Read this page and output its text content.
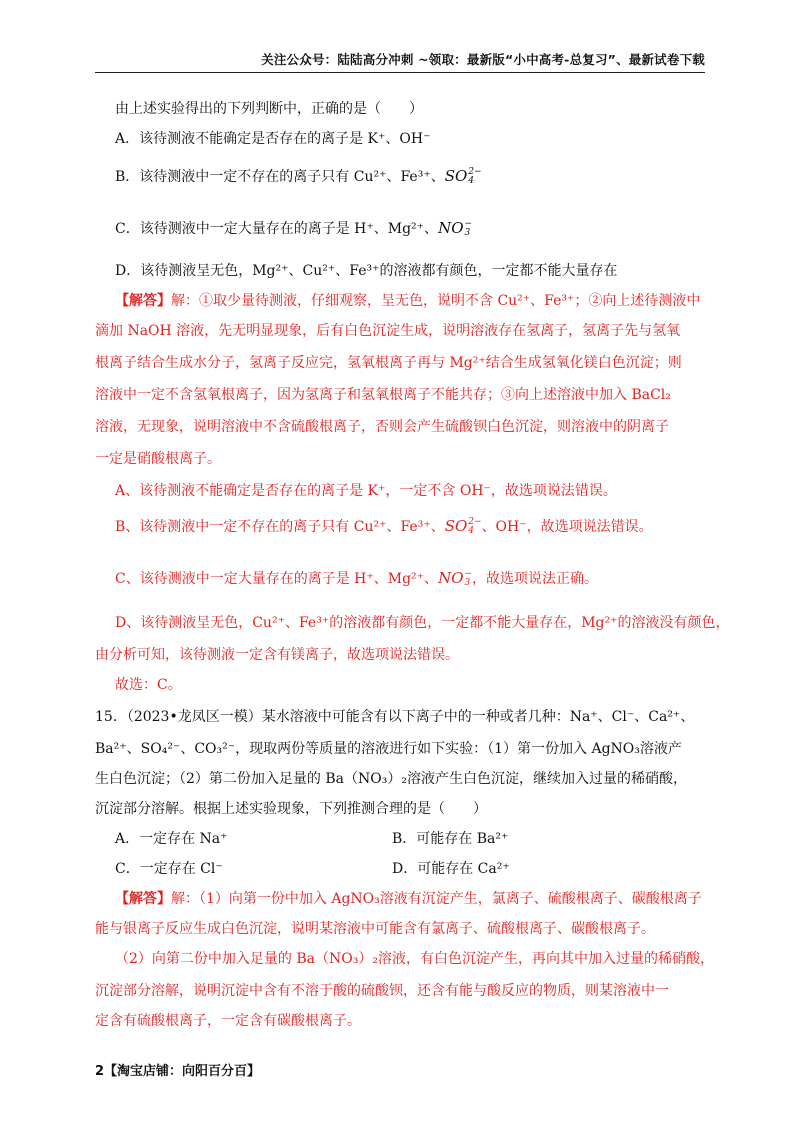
关注公众号：陆陆高分冲刺 ~领取：最新版“小中高考-总复习”、最新试卷下载
由上述实验得出的下列判断中，正确的是（　　）
A．该待测液不能确定是否存在的离子是 K⁺、OH⁻
B．该待测液中一定不存在的离子只有 Cu²⁺、Fe³⁺、SO 2−
4
C．该待测液中一定大量存在的离子是 H⁺、Mg²⁺、NO −
3
D．该待测液呈无色，Mg²⁺、Cu²⁺、Fe³⁺的溶液都有颜色，一定都不能大量存在
【解答】解：①取少量待测液，仔细观察，呈无色，说明不含 Cu²⁺、Fe³⁺；②向上述待测液中
滴加 NaOH 溶液，先无明显现象，后有白色沉淀生成，说明溶液存在氢离子，氢离子先与氢氧
根离子结合生成水分子，氢离子反应完，氢氧根离子再与 Mg²⁺结合生成氢氧化镁白色沉淀；则
溶液中一定不含氢氧根离子，因为氢离子和氢氧根离子不能共存；③向上述溶液中加入 BaCl₂
溶液，无现象，说明溶液中不含硫酸根离子，否则会产生硫酸钡白色沉淀，则溶液中的阴离子
一定是硝酸根离子。
A、该待测液不能确定是否存在的离子是 K⁺，一定不含 OH⁻，故选项说法错误。
B、该待测液中一定不存在的离子只有 Cu²⁺、Fe³⁺、SO 2−
4 、OH⁻，故选项说法错误。
C、该待测液中一定大量存在的离子是 H⁺、Mg²⁺、NO −
3 ，故选项说法正确。
D、该待测液呈无色，Cu²⁺、Fe³⁺的溶液都有颜色，一定都不能大量存在，Mg²⁺的溶液没有颜色，
由分析可知，该待测液一定含有镁离子，故选项说法错误。
故选：C。
15．（2023•龙凤区一模）某水溶液中可能含有以下离子中的一种或者几种：Na⁺、Cl⁻、Ca²⁺、
Ba²⁺、SO₄²⁻、CO₃²⁻，现取两份等质量的溶液进行如下实验：（1）第一份加入 AgNO₃溶液产
生白色沉淀；（2）第二份加入足量的 Ba（NO₃）₂溶液产生白色沉淀，继续加入过量的稀硝酸，
沉淀部分溶解。根据上述实验现象，下列推测合理的是（　　）
A．一定存在 Na⁺	B．可能存在 Ba²⁺
C．一定存在 Cl⁻	D．可能存在 Ca²⁺
【解答】解：（1）向第一份中加入 AgNO₃溶液有沉淀产生，氯离子、硫酸根离子、碳酸根离子
能与银离子反应生成白色沉淀，说明某溶液中可能含有氯离子、硫酸根离子、碳酸根离子。
（2）向第二份中加入足量的 Ba（NO₃）₂溶液，有白色沉淀产生，再向其中加入过量的稀硝酸，
沉淀部分溶解，说明沉淀中含有不溶于酸的硫酸钡，还含有能与酸反应的物质，则某溶液中一
定含有硫酸根离子，一定含有碳酸根离子。
2【淘宝店铺：向阳百分百】
